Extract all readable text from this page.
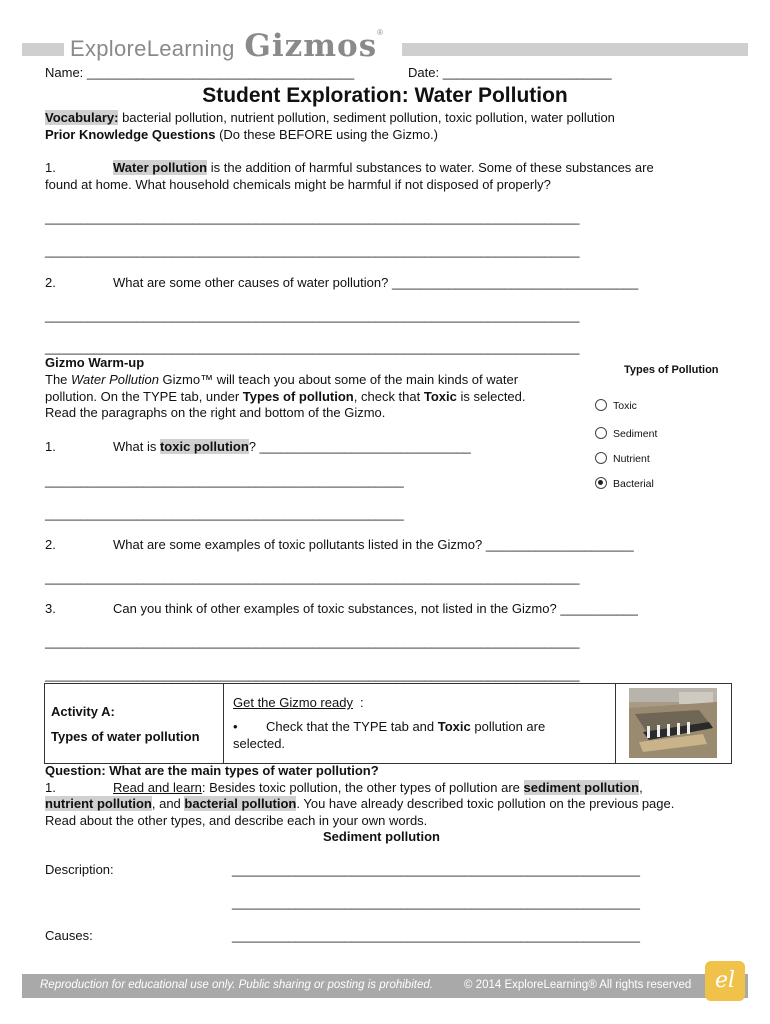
ExploreLearning Gizmos®
Name: ______________________________________	Date: ________________________
Student Exploration: Water Pollution
Vocabulary: bacterial pollution, nutrient pollution, sediment pollution, toxic pollution, water pollution
Prior Knowledge Questions (Do these BEFORE using the Gizmo.)
1.	Water pollution is the addition of harmful substances to water. Some of these substances are
found at home. What household chemicals might be harmful if not disposed of properly?
____________________________________________________________________________
____________________________________________________________________________
2.	What are some other causes of water pollution? ___________________________________
____________________________________________________________________________
____________________________________________________________________________
Gizmo Warm-up
The Water Pollution Gizmo™ will teach you about some of the main kinds of water
pollution. On the TYPE tab, under Types of pollution, check that Toxic is selected.
Read the paragraphs on the right and bottom of the Gizmo.
Types of Pollution
Toxic
Sediment
Nutrient
Bacterial
1.	What is toxic pollution? ______________________________
___________________________________________________
___________________________________________________
2.	What are some examples of toxic pollutants listed in the Gizmo? _____________________
____________________________________________________________________________
3.	Can you think of other examples of toxic substances, not listed in the Gizmo? ___________
____________________________________________________________________________
____________________________________________________________________________
Activity A:
Types of water pollution
Get the Gizmo ready :
• Check that the TYPE tab and Toxic pollution are
selected.
Question: What are the main types of water pollution?
1.	Read and learn: Besides toxic pollution, the other types of pollution are sediment pollution,
nutrient pollution, and bacterial pollution. You have already described toxic pollution on the previous page.
Read about the other types, and describe each in your own words.
Sediment pollution
Description:	__________________________________________________________
__________________________________________________________
Causes:	__________________________________________________________
Reproduction for educational use only. Public sharing or posting is prohibited.	© 2014 ExploreLearning® All rights reserved	el
